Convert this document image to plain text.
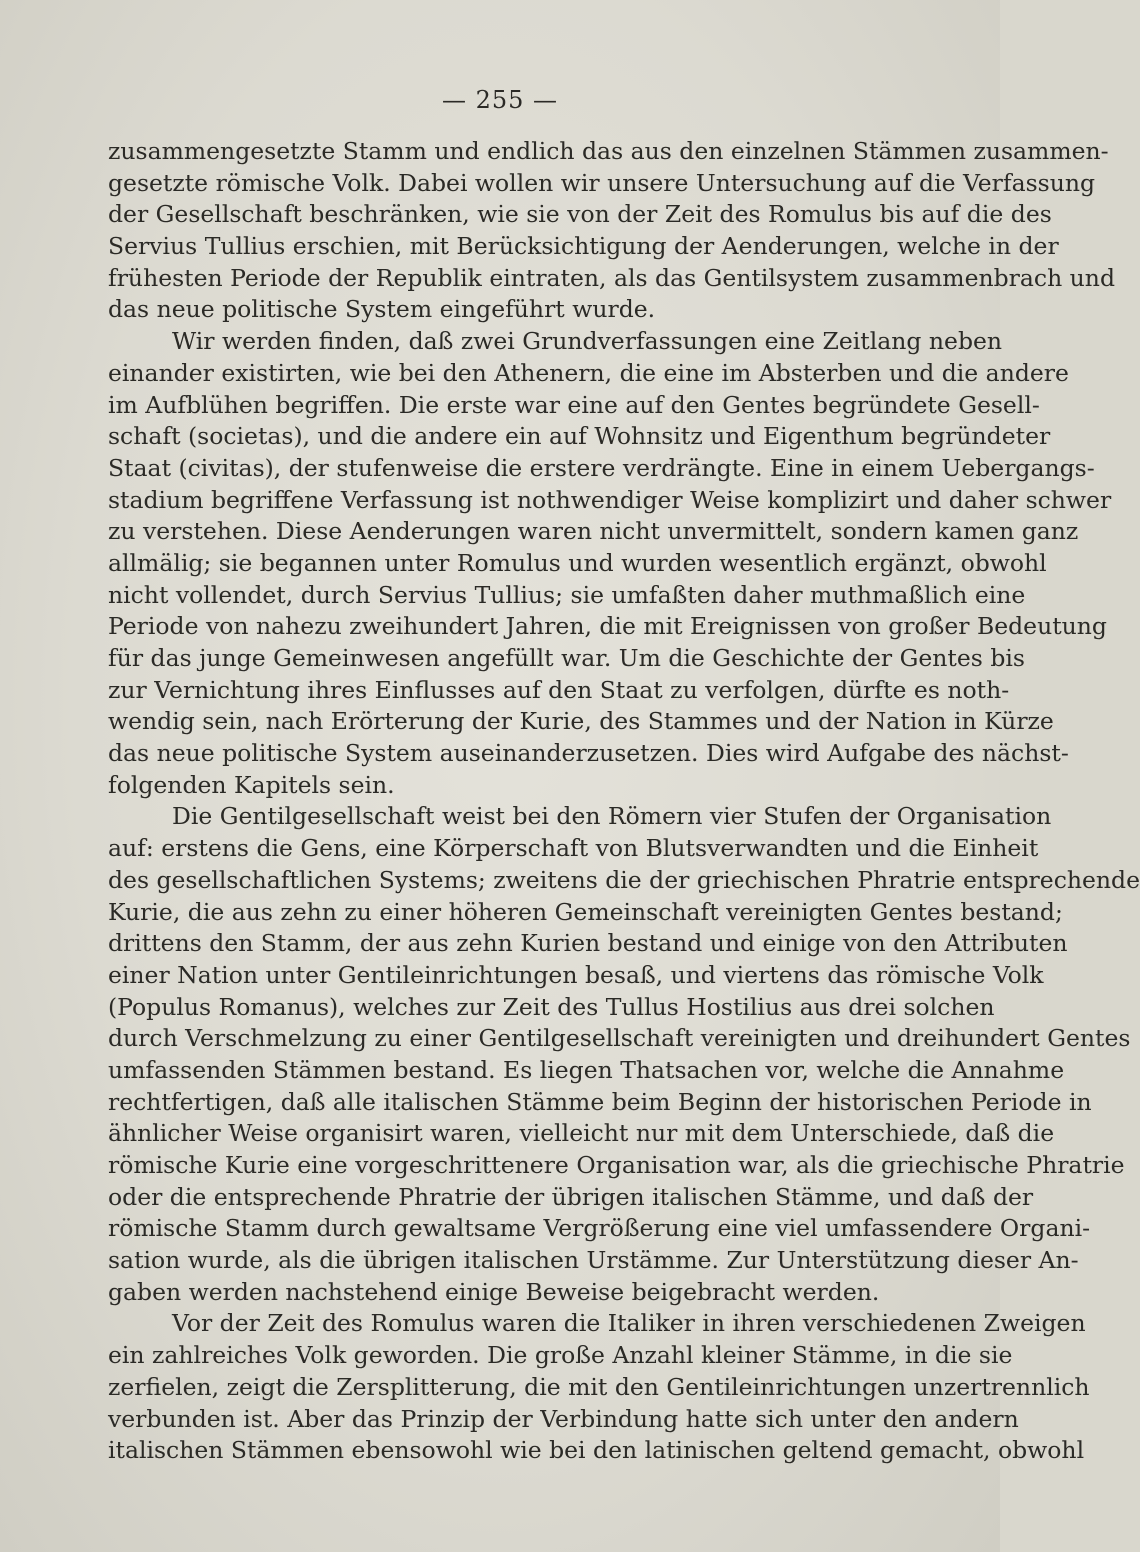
— 255 —
zusammengesetzte Stamm und endlich das aus den einzelnen Stämmen zusammen-
gesetzte römische Volk. Dabei wollen wir unsere Untersuchung auf die Verfassung
der Gesellschaft beschränken, wie sie von der Zeit des Romulus bis auf die des
Servius Tullius erschien, mit Berücksichtigung der Aenderungen, welche in der
frühesten Periode der Republik eintraten, als das Gentilsystem zusammenbrach und
das neue politische System eingeführt wurde.
Wir werden finden, daß zwei Grundverfassungen eine Zeitlang neben
einander existirten, wie bei den Athenern, die eine im Absterben und die andere
im Aufblühen begriffen. Die erste war eine auf den Gentes begründete Gesell-
schaft (societas), und die andere ein auf Wohnsitz und Eigenthum begründeter
Staat (civitas), der stufenweise die erstere verdrängte. Eine in einem Uebergangs-
stadium begriffene Verfassung ist nothwendiger Weise komplizirt und daher schwer
zu verstehen. Diese Aenderungen waren nicht unvermittelt, sondern kamen ganz
allmälig; sie begannen unter Romulus und wurden wesentlich ergänzt, obwohl
nicht vollendet, durch Servius Tullius; sie umfaßten daher muthmaßlich eine
Periode von nahezu zweihundert Jahren, die mit Ereignissen von großer Bedeutung
für das junge Gemeinwesen angefüllt war. Um die Geschichte der Gentes bis
zur Vernichtung ihres Einflusses auf den Staat zu verfolgen, dürfte es noth-
wendig sein, nach Erörterung der Kurie, des Stammes und der Nation in Kürze
das neue politische System auseinanderzusetzen. Dies wird Aufgabe des nächst-
folgenden Kapitels sein.
Die Gentilgesellschaft weist bei den Römern vier Stufen der Organisation
auf: erstens die Gens, eine Körperschaft von Blutsverwandten und die Einheit
des gesellschaftlichen Systems; zweitens die der griechischen Phratrie entsprechende
Kurie, die aus zehn zu einer höheren Gemeinschaft vereinigten Gentes bestand;
drittens den Stamm, der aus zehn Kurien bestand und einige von den Attributen
einer Nation unter Gentileinrichtungen besaß, und viertens das römische Volk
(Populus Romanus), welches zur Zeit des Tullus Hostilius aus drei solchen
durch Verschmelzung zu einer Gentilgesellschaft vereinigten und dreihundert Gentes
umfassenden Stämmen bestand. Es liegen Thatsachen vor, welche die Annahme
rechtfertigen, daß alle italischen Stämme beim Beginn der historischen Periode in
ähnlicher Weise organisirt waren, vielleicht nur mit dem Unterschiede, daß die
römische Kurie eine vorgeschrittenere Organisation war, als die griechische Phratrie
oder die entsprechende Phratrie der übrigen italischen Stämme, und daß der
römische Stamm durch gewaltsame Vergrößerung eine viel umfassendere Organi-
sation wurde, als die übrigen italischen Urstämme. Zur Unterstützung dieser An-
gaben werden nachstehend einige Beweise beigebracht werden.
Vor der Zeit des Romulus waren die Italiker in ihren verschiedenen Zweigen
ein zahlreiches Volk geworden. Die große Anzahl kleiner Stämme, in die sie
zerfielen, zeigt die Zersplitterung, die mit den Gentileinrichtungen unzertrennlich
verbunden ist. Aber das Prinzip der Verbindung hatte sich unter den andern
italischen Stämmen ebensowohl wie bei den latinischen geltend gemacht, obwohl
